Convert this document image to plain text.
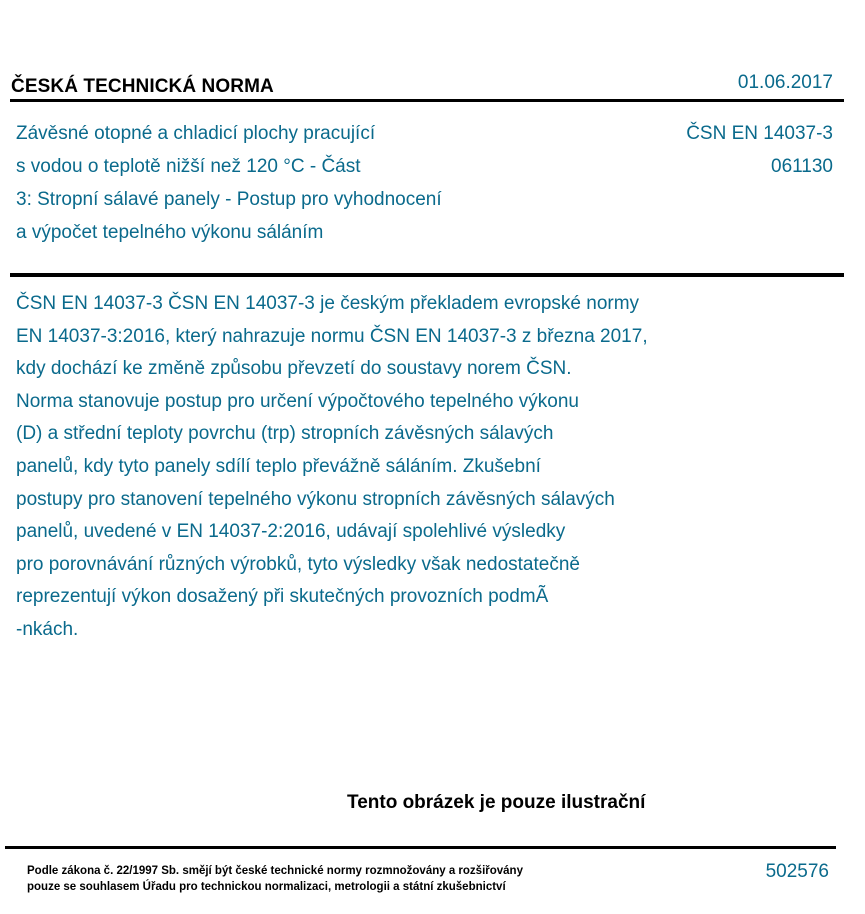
ČESKÁ TECHNICKÁ NORMA	01.06.2017
Závěsné otopné a chladicí plochy pracující
s vodou o teplotě nižší než 120 °C - Část
3: Stropní sálavé panely - Postup pro vyhodnocení
a výpočet tepelného výkonu sáláním
ČSN EN 14037-3
061130
ČSN EN 14037-3 ČSN EN 14037-3 je českým překladem evropské normy
EN 14037-3:2016, který nahrazuje normu ČSN EN 14037-3 z března 2017,
kdy dochází ke změně způsobu převzetí do soustavy norem ČSN.
Norma stanovuje postup pro určení výpočtového tepelného výkonu
(D) a střední teploty povrchu (trp) stropních závěsných sálavých
panelů, kdy tyto panely sdílí teplo převážně sáláním. Zkušební
postupy pro stanovení tepelného výkonu stropních závěsných sálavých
panelů, uvedené v EN 14037-2:2016, udávají spolehlivé výsledky
pro porovnávání různých výrobků, tyto výsledky však nedostatečně
reprezentují výkon dosažený při skutečných provozních podmÃ
-nkách.
Tento obrázek je pouze ilustrační
Podle zákona č. 22/1997 Sb. smějí být české technické normy rozmnožovány a rozšiřovány
pouze se souhlasem Úřadu pro technickou normalizaci, metrologii a státní zkušebnictví
502576
